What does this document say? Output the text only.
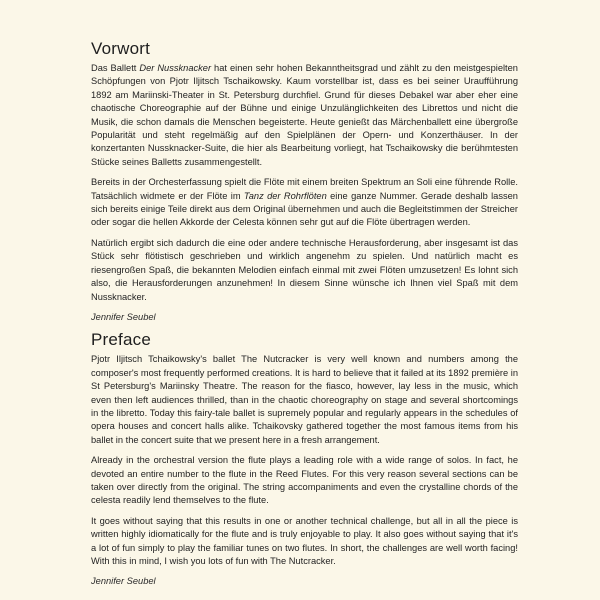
Vorwort

Das Ballett Der Nussknacker hat einen sehr hohen Bekanntheitsgrad und zählt zu den meistgespielten Schöpfungen von Pjotr Iljitsch Tschaikowsky. Kaum vorstellbar ist, dass es bei seiner Uraufführung 1892 am Mariinski-Theater in St. Petersburg durchfiel. Grund für dieses Debakel war aber eher eine chaotische Choreographie auf der Bühne und einige Unzulänglichkeiten des Librettos und nicht die Musik, die schon damals die Menschen begeisterte. Heute genießt das Märchenballett eine übergroße Popularität und steht regelmäßig auf den Spielplänen der Opern- und Konzerthäuser. In der konzertanten Nussknacker-Suite, die hier als Bearbeitung vorliegt, hat Tschaikowsky die berühmtesten Stücke seines Balletts zusammengestellt.

Bereits in der Orchesterfassung spielt die Flöte mit einem breiten Spektrum an Soli eine führende Rolle. Tatsächlich widmete er der Flöte im Tanz der Rohrflöten eine ganze Nummer. Gerade deshalb lassen sich bereits einige Teile direkt aus dem Original übernehmen und auch die Begleitstimmen der Streicher oder sogar die hellen Akkorde der Celesta können sehr gut auf die Flöte übertragen werden.

Natürlich ergibt sich dadurch die eine oder andere technische Herausforderung, aber insgesamt ist das Stück sehr flötistisch geschrieben und wirklich angenehm zu spielen. Und natürlich macht es riesengroßen Spaß, die bekannten Melodien einfach einmal mit zwei Flöten umzusetzen! Es lohnt sich also, die Herausforderungen anzunehmen! In diesem Sinne wünsche ich Ihnen viel Spaß mit dem Nussknacker.

Jennifer Seubel
Preface

Pjotr Iljitsch Tchaikowsky's ballet The Nutcracker is very well known and numbers among the composer's most frequently performed creations. It is hard to believe that it failed at its 1892 première in St Petersburg's Mariinsky Theatre. The reason for the fiasco, however, lay less in the music, which even then left audiences thrilled, than in the chaotic choreography on stage and several shortcomings in the libretto. Today this fairy-tale ballet is supremely popular and regularly appears in the schedules of opera houses and concert halls alike. Tchaikovsky gathered together the most famous items from his ballet in the concert suite that we present here in a fresh arrangement.

Already in the orchestral version the flute plays a leading role with a wide range of solos. In fact, he devoted an entire number to the flute in the Reed Flutes. For this very reason several sections can be taken over directly from the original. The string accompaniments and even the crystalline chords of the celesta readily lend themselves to the flute.

It goes without saying that this results in one or another technical challenge, but all in all the piece is written highly idiomatically for the flute and is truly enjoyable to play. It also goes without saying that it's a lot of fun simply to play the familiar tunes on two flutes. In short, the challenges are well worth facing! With this in mind, I wish you lots of fun with The Nutcracker.

Jennifer Seubel
